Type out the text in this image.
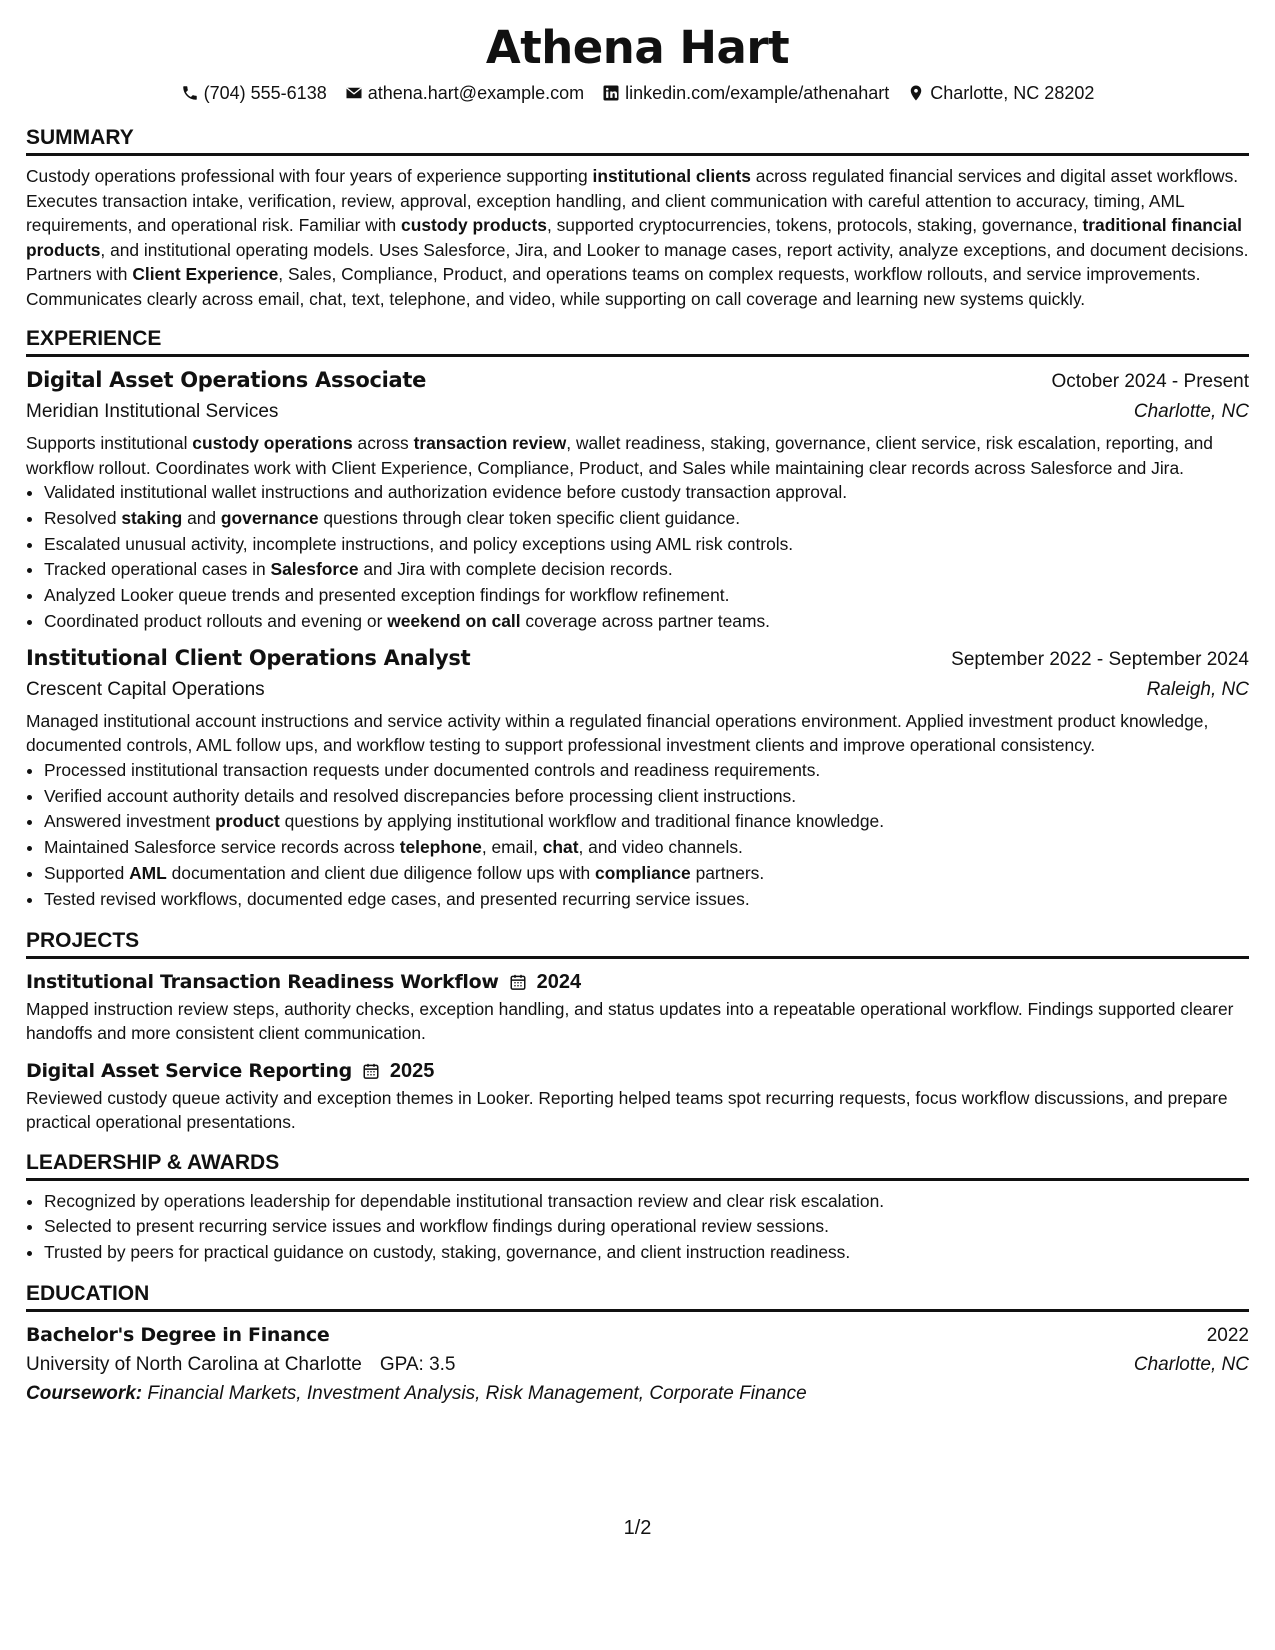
Athena Hart
(704) 555-6138 athena.hart@example.com linkedin.com/example/athenahart Charlotte, NC 28202
SUMMARY
Custody operations professional with four years of experience supporting institutional clients across regulated financial services and digital asset workflows. Executes transaction intake, verification, review, approval, exception handling, and client communication with careful attention to accuracy, timing, AML requirements, and operational risk. Familiar with custody products, supported cryptocurrencies, tokens, protocols, staking, governance, traditional financial products, and institutional operating models. Uses Salesforce, Jira, and Looker to manage cases, report activity, analyze exceptions, and document decisions. Partners with Client Experience, Sales, Compliance, Product, and operations teams on complex requests, workflow rollouts, and service improvements. Communicates clearly across email, chat, text, telephone, and video, while supporting on call coverage and learning new systems quickly.
EXPERIENCE
Digital Asset Operations Associate	October 2024 - Present
Meridian Institutional Services	Charlotte, NC
Supports institutional custody operations across transaction review, wallet readiness, staking, governance, client service, risk escalation, reporting, and workflow rollout. Coordinates work with Client Experience, Compliance, Product, and Sales while maintaining clear records across Salesforce and Jira.
• Validated institutional wallet instructions and authorization evidence before custody transaction approval.
• Resolved staking and governance questions through clear token specific client guidance.
• Escalated unusual activity, incomplete instructions, and policy exceptions using AML risk controls.
• Tracked operational cases in Salesforce and Jira with complete decision records.
• Analyzed Looker queue trends and presented exception findings for workflow refinement.
• Coordinated product rollouts and evening or weekend on call coverage across partner teams.
Institutional Client Operations Analyst	September 2022 - September 2024
Crescent Capital Operations	Raleigh, NC
Managed institutional account instructions and service activity within a regulated financial operations environment. Applied investment product knowledge, documented controls, AML follow ups, and workflow testing to support professional investment clients and improve operational consistency.
• Processed institutional transaction requests under documented controls and readiness requirements.
• Verified account authority details and resolved discrepancies before processing client instructions.
• Answered investment product questions by applying institutional workflow and traditional finance knowledge.
• Maintained Salesforce service records across telephone, email, chat, and video channels.
• Supported AML documentation and client due diligence follow ups with compliance partners.
• Tested revised workflows, documented edge cases, and presented recurring service issues.
PROJECTS
Institutional Transaction Readiness Workflow 2024
Mapped instruction review steps, authority checks, exception handling, and status updates into a repeatable operational workflow. Findings supported clearer handoffs and more consistent client communication.
Digital Asset Service Reporting 2025
Reviewed custody queue activity and exception themes in Looker. Reporting helped teams spot recurring requests, focus workflow discussions, and prepare practical operational presentations.
LEADERSHIP & AWARDS
• Recognized by operations leadership for dependable institutional transaction review and clear risk escalation.
• Selected to present recurring service issues and workflow findings during operational review sessions.
• Trusted by peers for practical guidance on custody, staking, governance, and client instruction readiness.
EDUCATION
Bachelor's Degree in Finance	2022
University of North Carolina at Charlotte GPA: 3.5	Charlotte, NC
Coursework: Financial Markets, Investment Analysis, Risk Management, Corporate Finance
1/2
